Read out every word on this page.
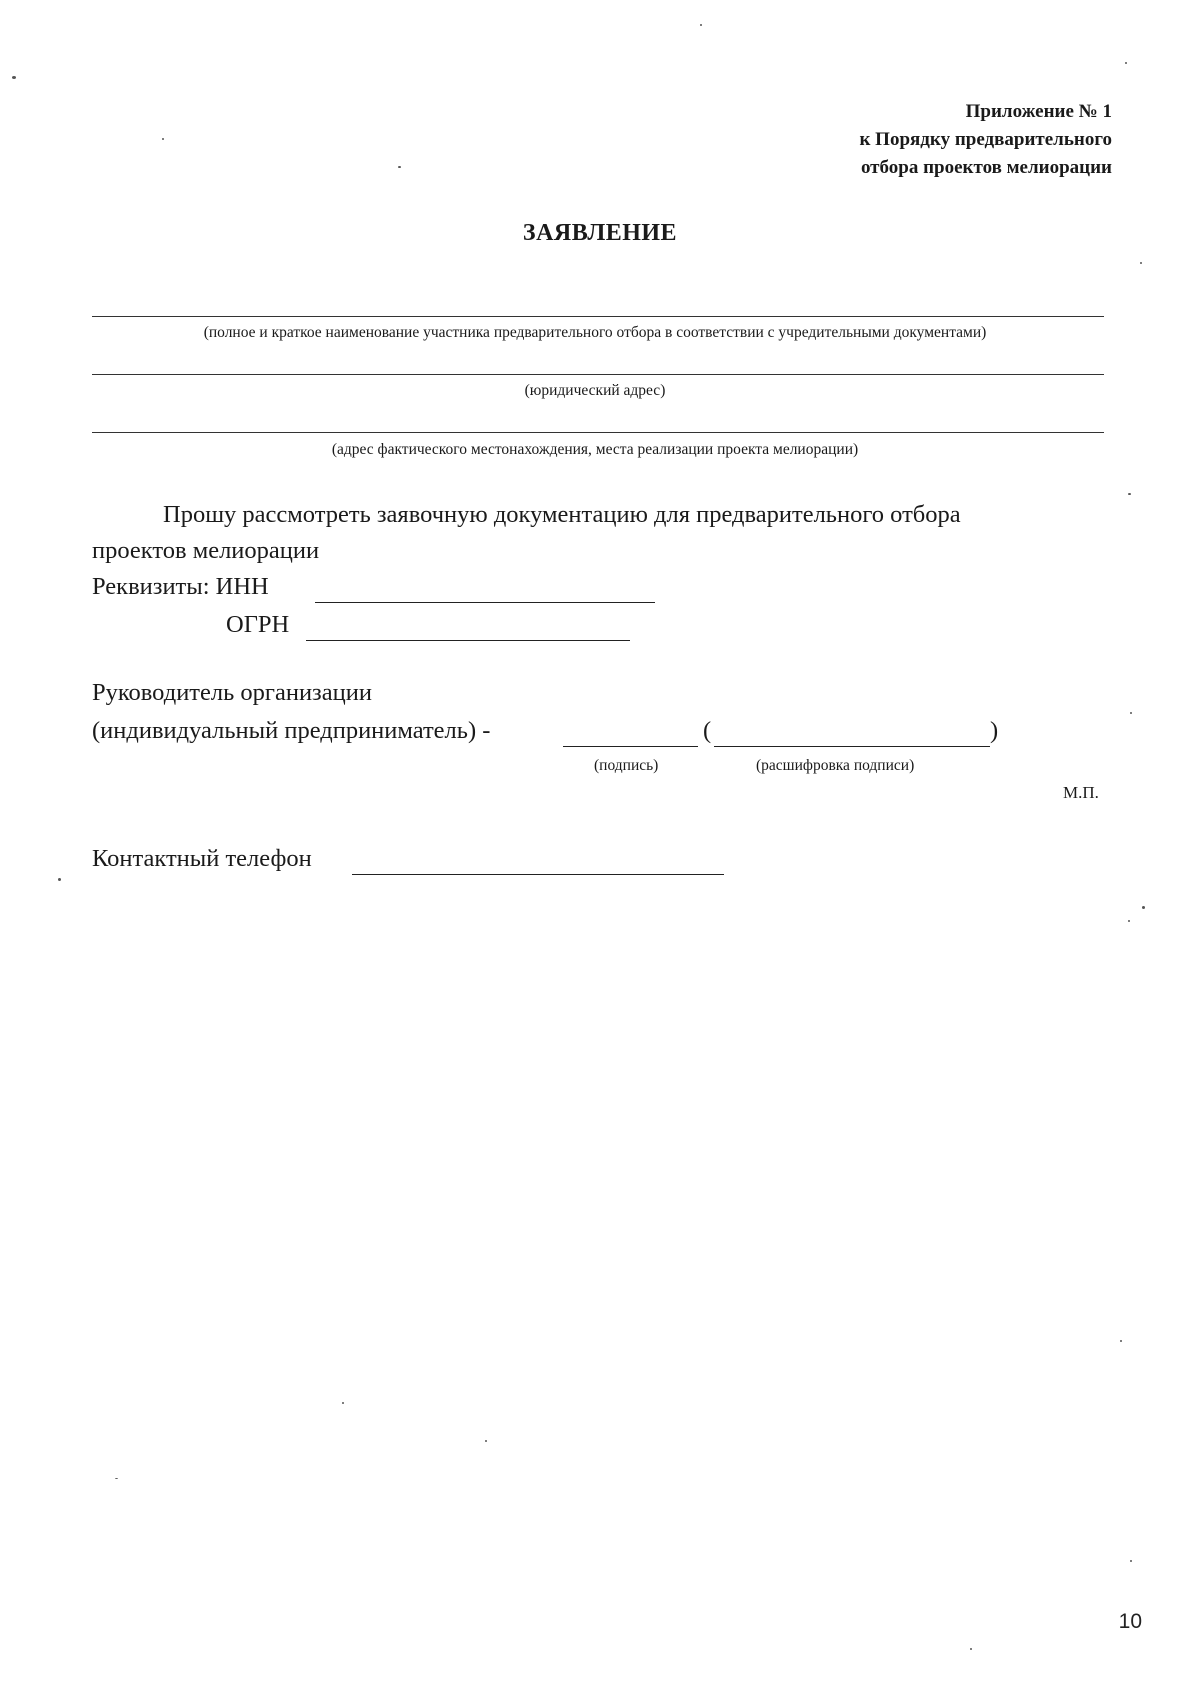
Приложение № 1
к Порядку предварительного
отбора проектов мелиорации
ЗАЯВЛЕНИЕ
(полное и краткое наименование участника предварительного отбора в соответствии с учредительными документами)
(юридический адрес)
(адрес фактического местонахождения, места реализации проекта мелиорации)
Прошу рассмотреть заявочную документацию для предварительного отбора
проектов мелиорации
Реквизиты: ИНН
ОГРН
Руководитель организации
(индивидуальный предприниматель) -	(	)
(подпись)	(расшифровка подписи)
М.П.
Контактный телефон
10
